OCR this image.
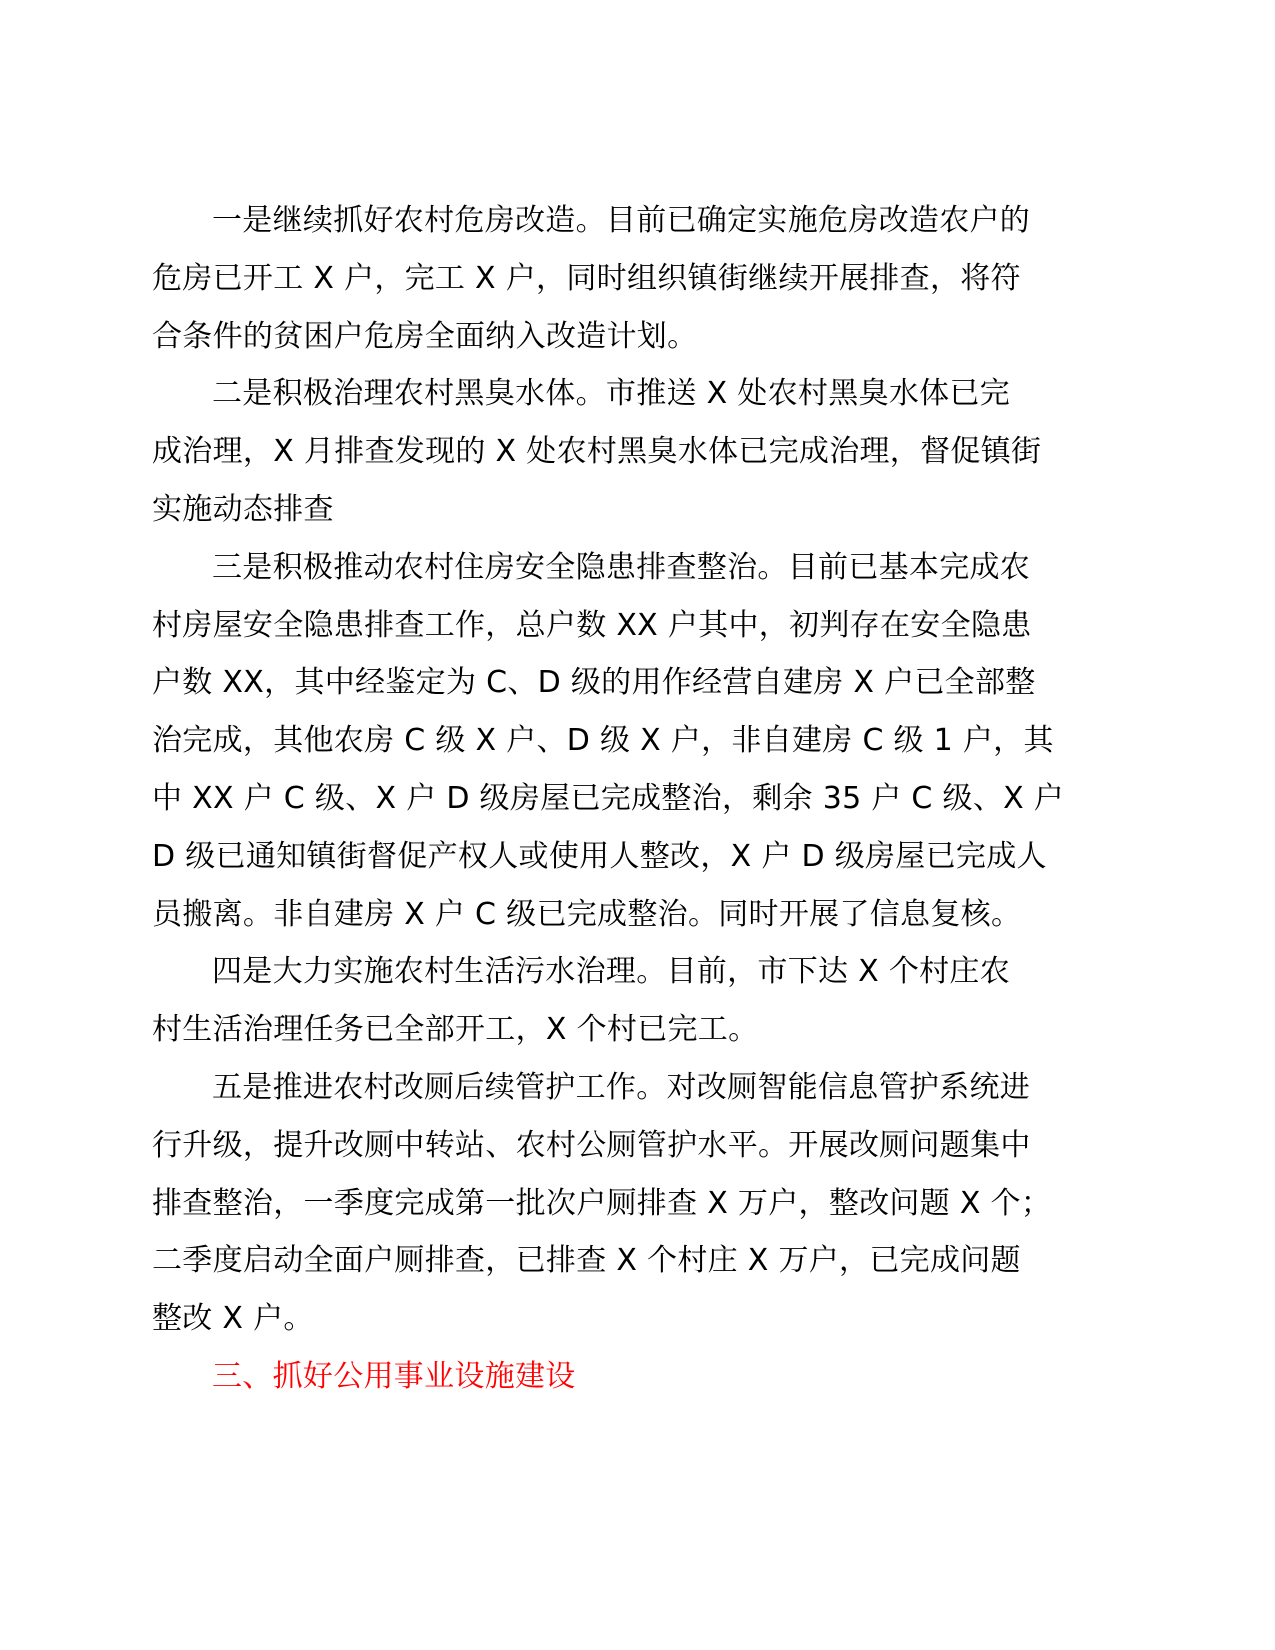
一是继续抓好农村危房改造。目前已确定实施危房改造农户的
危房已开工 X 户，完工 X 户，同时组织镇街继续开展排查，将符
合条件的贫困户危房全面纳入改造计划。

二是积极治理农村黑臭水体。市推送 X 处农村黑臭水体已完
成治理，X 月排查发现的 X 处农村黑臭水体已完成治理，督促镇街
实施动态排查

三是积极推动农村住房安全隐患排查整治。目前已基本完成农
村房屋安全隐患排查工作，总户数 XX 户其中，初判存在安全隐患
户数 XX，其中经鉴定为 C、D 级的用作经营自建房 X 户已全部整
治完成，其他农房 C 级 X 户、D 级 X 户，非自建房 C 级 1 户，其
中 XX 户 C 级、X 户 D 级房屋已完成整治，剩余 35 户 C 级、X 户
D 级已通知镇街督促产权人或使用人整改，X 户 D 级房屋已完成人
员搬离。非自建房 X 户 C 级已完成整治。同时开展了信息复核。

四是大力实施农村生活污水治理。目前，市下达 X 个村庄农
村生活治理任务已全部开工，X 个村已完工。

五是推进农村改厕后续管护工作。对改厕智能信息管护系统进
行升级，提升改厕中转站、农村公厕管护水平。开展改厕问题集中
排查整治，一季度完成第一批次户厕排查 X 万户，整改问题 X 个；
二季度启动全面户厕排查，已排查 X 个村庄 X 万户，已完成问题
整改 X 户。

三、抓好公用事业设施建设
